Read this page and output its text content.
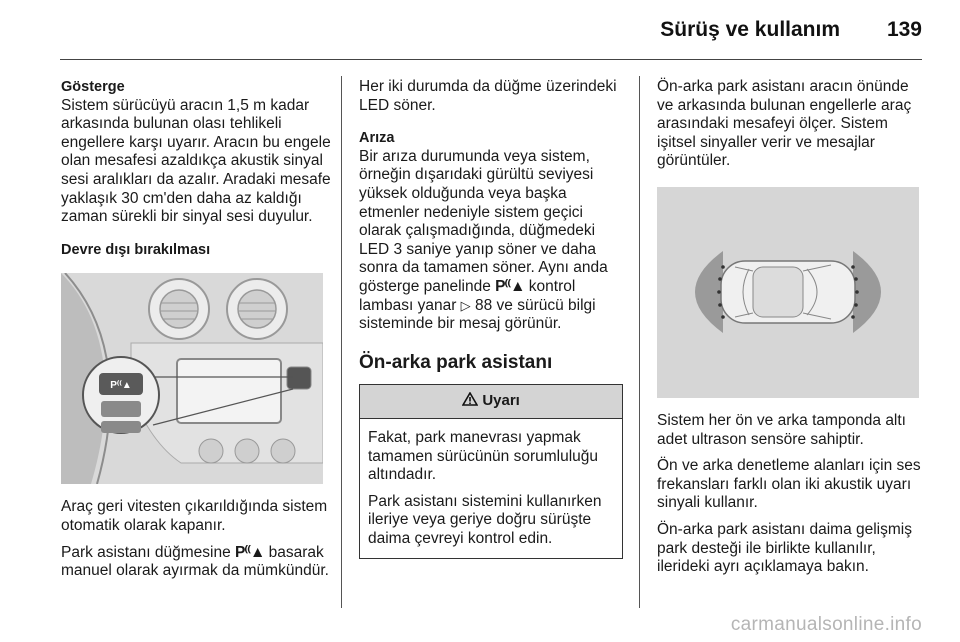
Sürüş ve kullanım 139
Gösterge

Sistem sürücüyü aracın 1,5 m kadar arkasında bulunan olası tehlikeli engellere karşı uyarır. Aracın bu engele olan mesafesi azaldıkça akustik sinyal sesi aralıkları da azalır. Aradaki mesafe yaklaşık 30 cm'den daha az kaldığı zaman sürekli bir sinyal sesi duyulur.

Devre dışı bırakılması
P⁽⁽▲

Araç geri vitesten çıkarıldığında sistem otomatik olarak kapanır.

Park asistanı düğmesine P⁽⁽▲ basarak manuel olarak ayırmak da mümkündür.

Her iki durumda da düğme üzerindeki LED söner.

Arıza

Bir arıza durumunda veya sistem, örneğin dışarıdaki gürültü seviyesi yüksek olduğunda veya başka etmenler nedeniyle sistem geçici olarak çalışmadığında, düğmedeki LED 3 saniye yanıp söner ve daha sonra da tamamen söner. Aynı anda gösterge panelinde P⁽⁽▲ kontrol lambası yanar ▷ 88 ve sürücü bilgi sisteminde bir mesaj görünür.

Ön-arka park asistanı
Uyarı

Fakat, park manevrası yapmak tamamen sürücünün sorumluluğu altındadır.

Park asistanı sistemini kullanırken ileriye veya geriye doğru sürüşte daima çevreyi kontrol edin.

Ön-arka park asistanı aracın önünde ve arkasında bulunan engellerle araç arasındaki mesafeyi ölçer. Sistem işitsel sinyaller verir ve mesajlar görüntüler.

Sistem her ön ve arka tamponda altı adet ultrason sensöre sahiptir.

Ön ve arka denetleme alanları için ses frekansları farklı olan iki akustik uyarı sinyali kullanır.

Ön-arka park asistanı daima gelişmiş park desteği ile birlikte kullanılır, ilerideki ayrı açıklamaya bakın.

carmanualsonline.info
